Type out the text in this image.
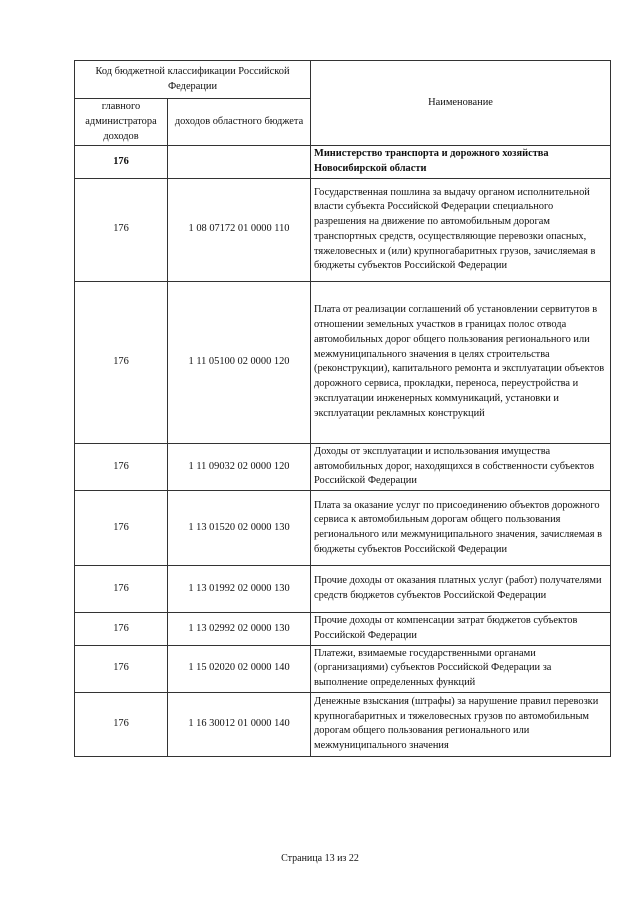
Код бюджетной классификации Российской Федерации		Наименование
главного администратора доходов	доходов областного бюджета	
176		Министерство транспорта и дорожного хозяйства Новосибирской области
176	1 08 07172 01 0000 110	Государственная пошлина за выдачу органом исполнительной власти субъекта Российской Федерации специального разрешения на движение по автомобильным дорогам транспортных средств, осуществляющие перевозки опасных, тяжеловесных и (или) крупногабаритных грузов, зачисляемая в бюджеты субъектов Российской Федерации
176	1 11 05100 02 0000 120	Плата от реализации соглашений об установлении сервитутов в отношении земельных участков в границах полос отвода автомобильных дорог общего пользования регионального или межмуниципального значения в целях строительства (реконструкции), капитального ремонта и эксплуатации объектов дорожного сервиса, прокладки, переноса, переустройства и эксплуатации инженерных коммуникаций, установки и эксплуатации рекламных конструкций
176	1 11 09032 02 0000 120	Доходы от эксплуатации и использования имущества автомобильных дорог, находящихся в собственности субъектов Российской Федерации
176	1 13 01520 02 0000 130	Плата за оказание услуг по присоединению объектов дорожного сервиса к автомобильным дорогам общего пользования регионального или межмуниципального значения, зачисляемая в бюджеты субъектов Российской Федерации
176	1 13 01992 02 0000 130	Прочие доходы от оказания платных услуг (работ) получателями средств бюджетов субъектов Российской Федерации
176	1 13 02992 02 0000 130	Прочие доходы от компенсации затрат бюджетов субъектов Российской Федерации
176	1 15 02020 02 0000 140	Платежи, взимаемые государственными органами (организациями) субъектов Российской Федерации за выполнение определенных функций
176	1 16 30012 01 0000 140	Денежные взыскания (штрафы) за нарушение правил перевозки крупногабаритных и тяжеловесных грузов по автомобильным дорогам общего пользования регионального или межмуниципального значения
Страница 13 из 22
